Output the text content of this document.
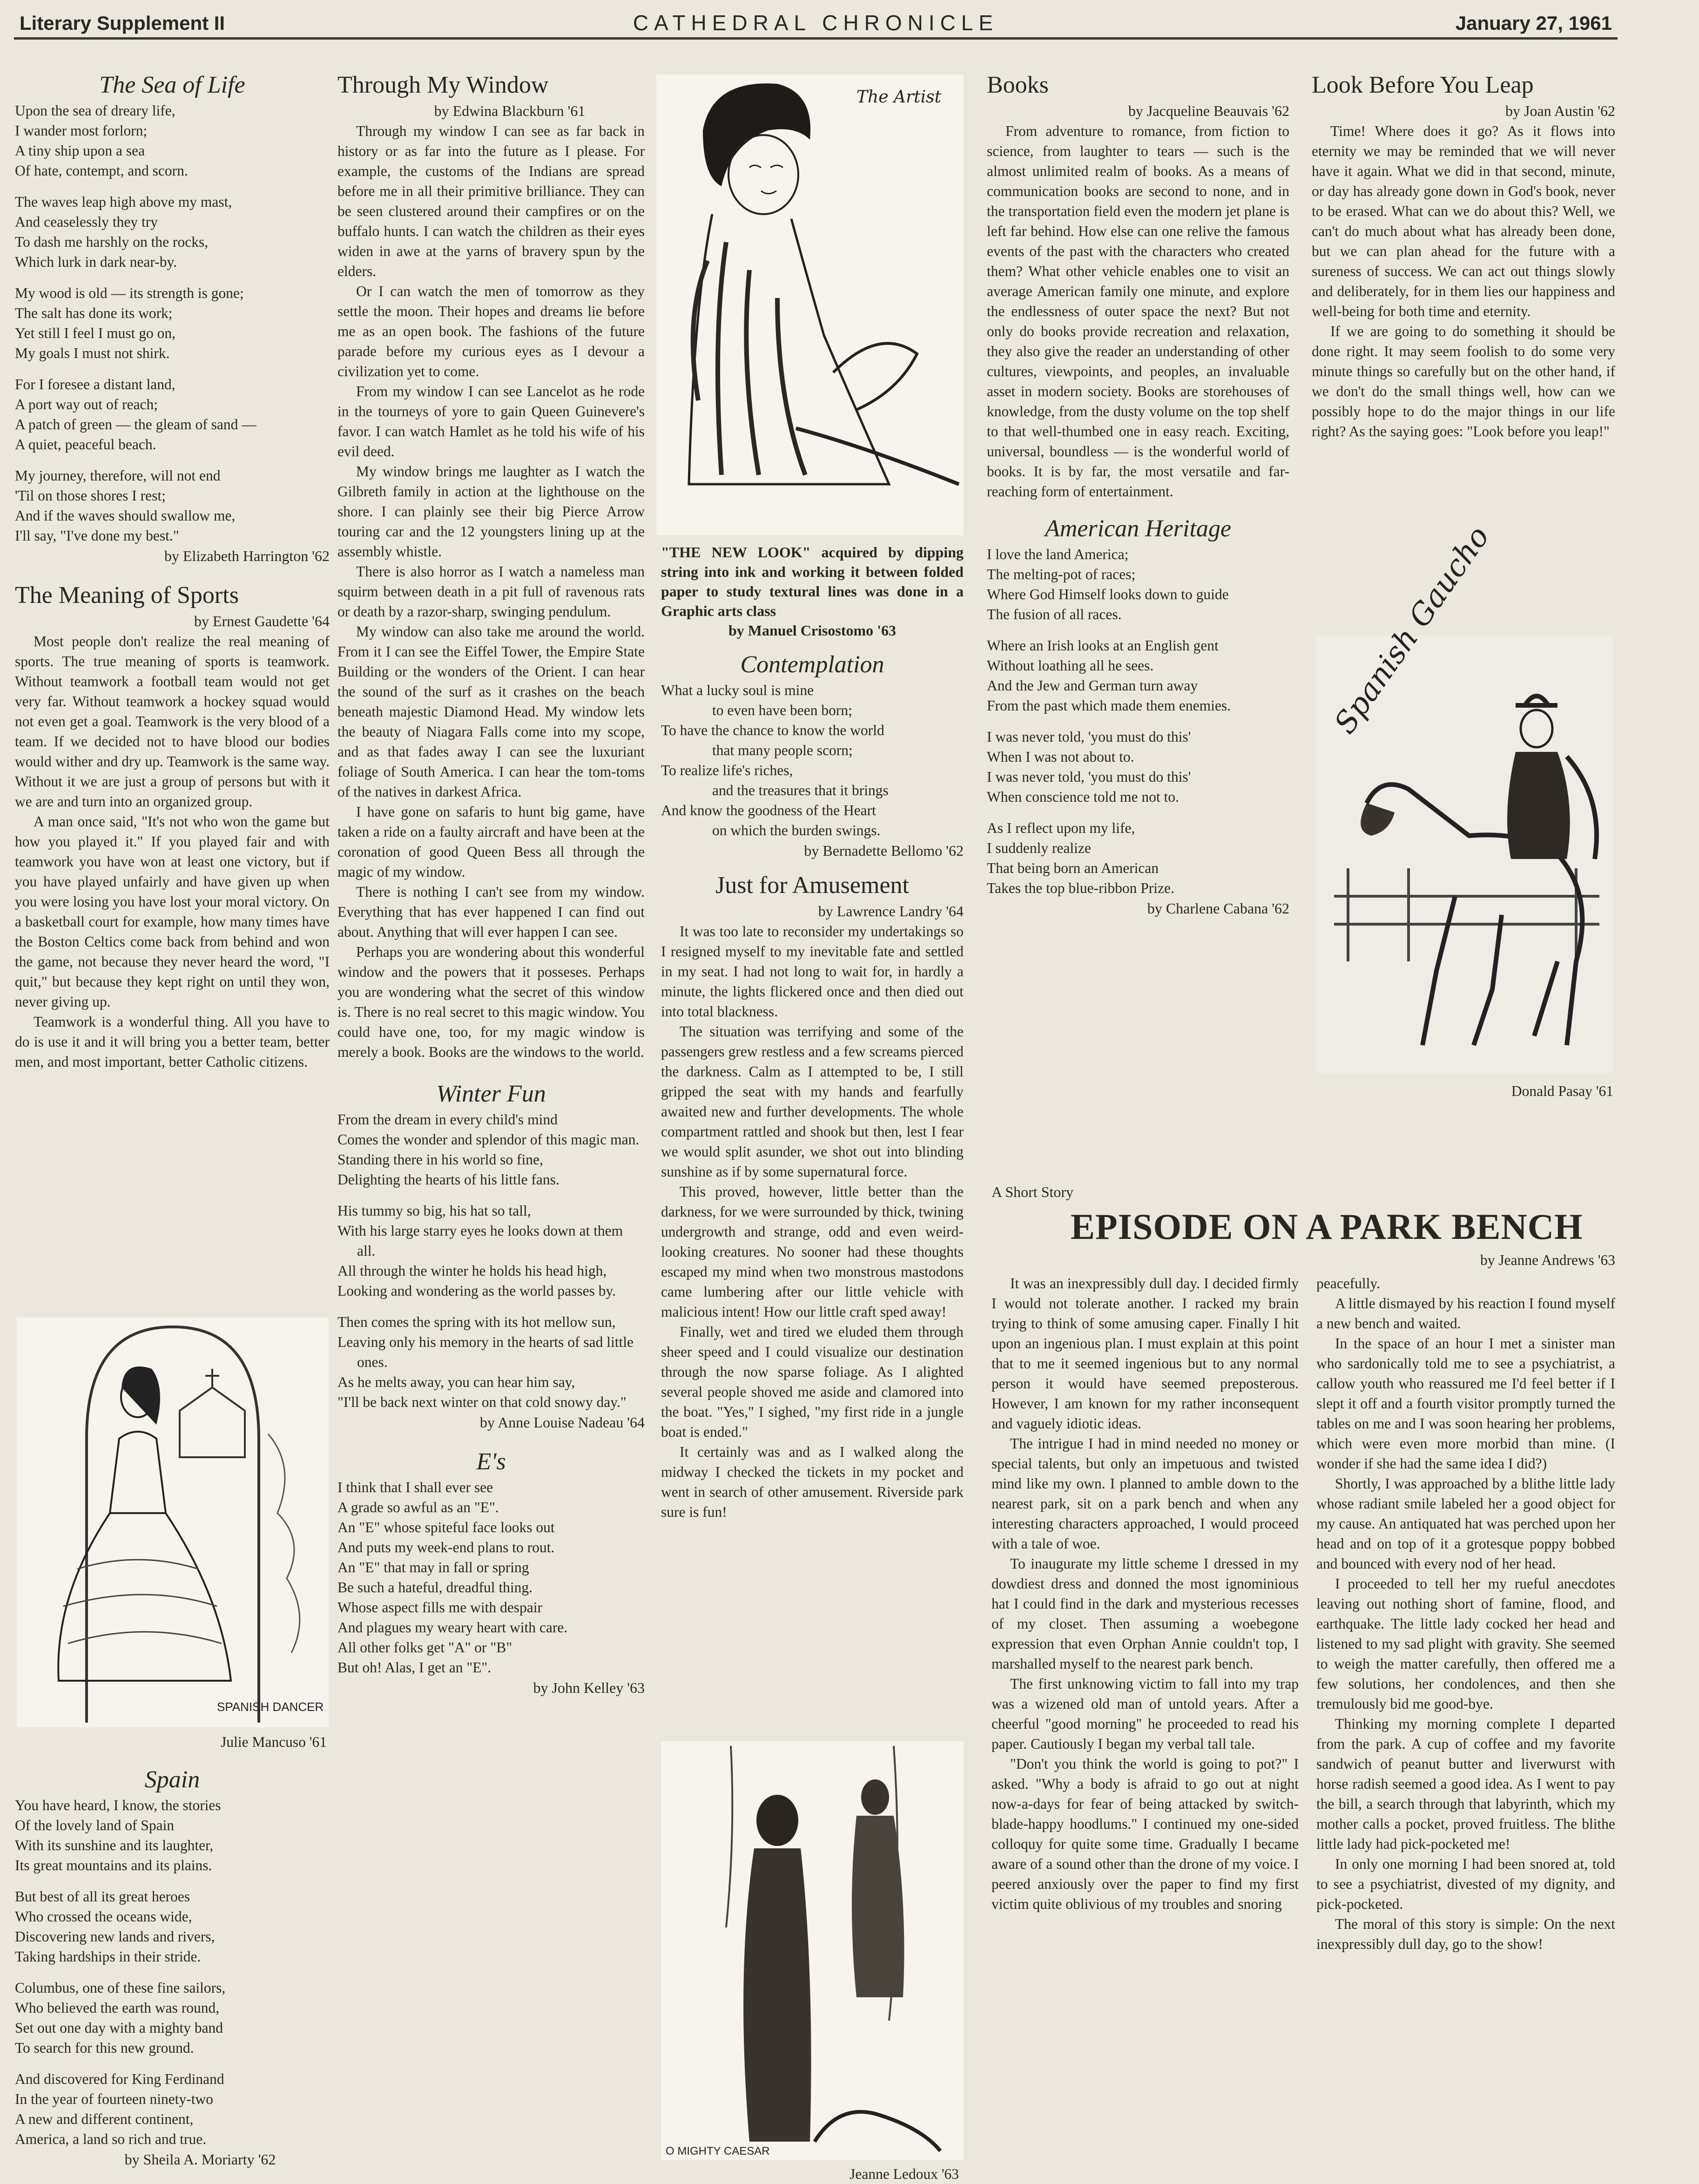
Literary Supplement II	CATHEDRAL CHRONICLE	January 27, 1961
The Sea of Life
Upon the sea of dreary life,
I wander most forlorn;
A tiny ship upon a sea
Of hate, contempt, and scorn.
The waves leap high above my mast,
And ceaselessly they try
To dash me harshly on the rocks,
Which lurk in dark near-by.
My wood is old — its strength is gone;
The salt has done its work;
Yet still I feel I must go on,
My goals I must not shirk.
For I foresee a distant land,
A port way out of reach;
A patch of green — the gleam of sand —
A quiet, peaceful beach.
My journey, therefore, will not end
'Til on those shores I rest;
And if the waves should swallow me,
I'll say, "I've done my best."
by Elizabeth Harrington '62
The Meaning of Sports
by Ernest Gaudette '64

Most people don't realize the real meaning of sports. The true meaning of sports is teamwork. Without teamwork a football team would not get very far. Without teamwork a hockey squad would not even get a goal. Teamwork is the very blood of a team. If we decided not to have blood our bodies would wither and dry up. Teamwork is the same way. Without it we are just a group of persons but with it we are and turn into an organized group.

A man once said, "It's not who won the game but how you played it." If you played fair and with teamwork you have won at least one victory, but if you have played unfairly and have given up when you were losing you have lost your moral victory. On a basketball court for example, how many times have the Boston Celtics come back from behind and won the game, not because they never heard the word, "I quit," but because they kept right on until they won, never giving up.

Teamwork is a wonderful thing. All you have to do is use it and it will bring you a better team, better men, and most important, better Catholic citizens.

SPANISH DANCER
Julie Mancuso '61
Spain
You have heard, I know, the stories
Of the lovely land of Spain
With its sunshine and its laughter,
Its great mountains and its plains.
But best of all its great heroes
Who crossed the oceans wide,
Discovering new lands and rivers,
Taking hardships in their stride.
Columbus, one of these fine sailors,
Who believed the earth was round,
Set out one day with a mighty band
To search for this new ground.
And discovered for King Ferdinand
In the year of fourteen ninety-two
A new and different continent,
America, a land so rich and true.
by Sheila A. Moriarty '62
Through My Window
by Edwina Blackburn '61

Through my window I can see as far back in history or as far into the future as I please. For example, the customs of the Indians are spread before me in all their primitive brilliance. They can be seen clustered around their campfires or on the buffalo hunts. I can watch the children as their eyes widen in awe at the yarns of bravery spun by the elders.

Or I can watch the men of tomorrow as they settle the moon. Their hopes and dreams lie before me as an open book. The fashions of the future parade before my curious eyes as I devour a civilization yet to come.

From my window I can see Lancelot as he rode in the tourneys of yore to gain Queen Guinevere's favor. I can watch Hamlet as he told his wife of his evil deed.

My window brings me laughter as I watch the Gilbreth family in action at the lighthouse on the shore. I can plainly see their big Pierce Arrow touring car and the 12 youngsters lining up at the assembly whistle.

There is also horror as I watch a nameless man squirm between death in a pit full of ravenous rats or death by a razor-sharp, swinging pendulum.

My window can also take me around the world. From it I can see the Eiffel Tower, the Empire State Building or the wonders of the Orient. I can hear the sound of the surf as it crashes on the beach beneath majestic Diamond Head. My window lets the beauty of Niagara Falls come into my scope, and as that fades away I can see the luxuriant foliage of South America. I can hear the tom-toms of the natives in darkest Africa.

I have gone on safaris to hunt big game, have taken a ride on a faulty aircraft and have been at the coronation of good Queen Bess all through the magic of my window.

There is nothing I can't see from my window. Everything that has ever happened I can find out about. Anything that will ever happen I can see.

Perhaps you are wondering about this wonderful window and the powers that it posseses. Perhaps you are wondering what the secret of this window is. There is no real secret to this magic window. You could have one, too, for my magic window is merely a book. Books are the windows to the world.

Winter Fun
From the dream in every child's mind
Comes the wonder and splendor of this magic man.
Standing there in his world so fine,
Delighting the hearts of his little fans.
His tummy so big, his hat so tall,
With his large starry eyes he looks down at them all.
All through the winter he holds his head high,
Looking and wondering as the world passes by.
Then comes the spring with its hot mellow sun,
Leaving only his memory in the hearts of sad little ones.
As he melts away, you can hear him say,
"I'll be back next winter on that cold snowy day."
by Anne Louise Nadeau '64
E's
I think that I shall ever see
A grade so awful as an "E".
An "E" whose spiteful face looks out
And puts my week-end plans to rout.
An "E" that may in fall or spring
Be such a hateful, dreadful thing.
Whose aspect fills me with despair
And plagues my weary heart with care.
All other folks get "A" or "B"
But oh! Alas, I get an "E".
by John Kelley '63
The Artist
"THE NEW LOOK" acquired by dipping string into ink and working it between folded paper to study textural lines was done in a Graphic arts class
by Manuel Crisostomo '63
Contemplation
What a lucky soul is mine
to even have been born;
To have the chance to know the world
that many people scorn;
To realize life's riches,
and the treasures that it brings
And know the goodness of the Heart
on which the burden swings.
by Bernadette Bellomo '62
Just for Amusement
by Lawrence Landry '64

It was too late to reconsider my undertakings so I resigned myself to my inevitable fate and settled in my seat. I had not long to wait for, in hardly a minute, the lights flickered once and then died out into total blackness.

The situation was terrifying and some of the passengers grew restless and a few screams pierced the darkness. Calm as I attempted to be, I still gripped the seat with my hands and fearfully awaited new and further developments. The whole compartment rattled and shook but then, lest I fear we would split asunder, we shot out into blinding sunshine as if by some supernatural force.

This proved, however, little better than the darkness, for we were surrounded by thick, twining undergrowth and strange, odd and even weird-looking creatures. No sooner had these thoughts escaped my mind when two monstrous mastodons came lumbering after our little vehicle with malicious intent! How our little craft sped away!

Finally, wet and tired we eluded them through sheer speed and I could visualize our destination through the now sparse foliage. As I alighted several people shoved me aside and clamored into the boat. "Yes," I sighed, "my first ride in a jungle boat is ended."

It certainly was and as I walked along the midway I checked the tickets in my pocket and went in search of other amusement. Riverside park sure is fun!

O MIGHTY CAESAR
Jeanne Ledoux '63
Books
by Jacqueline Beauvais '62

From adventure to romance, from fiction to science, from laughter to tears — such is the almost unlimited realm of books. As a means of communication books are second to none, and in the transportation field even the modern jet plane is left far behind. How else can one relive the famous events of the past with the characters who created them? What other vehicle enables one to visit an average American family one minute, and explore the endlessness of outer space the next? But not only do books provide recreation and relaxation, they also give the reader an understanding of other cultures, viewpoints, and peoples, an invaluable asset in modern society. Books are storehouses of knowledge, from the dusty volume on the top shelf to that well-thumbed one in easy reach. Exciting, universal, boundless — is the wonderful world of books. It is by far, the most versatile and far-reaching form of entertainment.

American Heritage
I love the land America;
The melting-pot of races;
Where God Himself looks down to guide
The fusion of all races.
Where an Irish looks at an English gent
Without loathing all he sees.
And the Jew and German turn away
From the past which made them enemies.
I was never told, 'you must do this'
When I was not about to.
I was never told, 'you must do this'
When conscience told me not to.
As I reflect upon my life,
I suddenly realize
That being born an American
Takes the top blue-ribbon Prize.
by Charlene Cabana '62
Look Before You Leap
by Joan Austin '62

Time! Where does it go? As it flows into eternity we may be reminded that we will never have it again. What we did in that second, minute, or day has already gone down in God's book, never to be erased. What can we do about this? Well, we can't do much about what has already been done, but we can plan ahead for the future with a sureness of success. We can act out things slowly and deliberately, for in them lies our happiness and well-being for both time and eternity.

If we are going to do something it should be done right. It may seem foolish to do some very minute things so carefully but on the other hand, if we don't do the small things well, how can we possibly hope to do the major things in our life right? As the saying goes: "Look before you leap!"

Spanish Gaucho
Donald Pasay '61
A Short Story
EPISODE ON A PARK BENCH
by Jeanne Andrews '63

It was an inexpressibly dull day. I decided firmly I would not tolerate another. I racked my brain trying to think of some amusing caper. Finally I hit upon an ingenious plan. I must explain at this point that to me it seemed ingenious but to any normal person it would have seemed preposterous. However, I am known for my rather inconsequent and vaguely idiotic ideas.

The intrigue I had in mind needed no money or special talents, but only an impetuous and twisted mind like my own. I planned to amble down to the nearest park, sit on a park bench and when any interesting characters approached, I would proceed with a tale of woe.

To inaugurate my little scheme I dressed in my dowdiest dress and donned the most ignominious hat I could find in the dark and mysterious recesses of my closet. Then assuming a woebegone expression that even Orphan Annie couldn't top, I marshalled myself to the nearest park bench.

The first unknowing victim to fall into my trap was a wizened old man of untold years. After a cheerful "good morning" he proceeded to read his paper. Cautiously I began my verbal tall tale.

"Don't you think the world is going to pot?" I asked. "Why a body is afraid to go out at night now-a-days for fear of being attacked by switch-blade-happy hoodlums." I continued my one-sided colloquy for quite some time. Gradually I became aware of a sound other than the drone of my voice. I peered anxiously over the paper to find my first victim quite oblivious of my troubles and snoring

peacefully.

A little dismayed by his reaction I found myself a new bench and waited.

In the space of an hour I met a sinister man who sardonically told me to see a psychiatrist, a callow youth who reassured me I'd feel better if I slept it off and a fourth visitor promptly turned the tables on me and I was soon hearing her problems, which were even more morbid than mine. (I wonder if she had the same idea I did?)

Shortly, I was approached by a blithe little lady whose radiant smile labeled her a good object for my cause. An antiquated hat was perched upon her head and on top of it a grotesque poppy bobbed and bounced with every nod of her head.

I proceeded to tell her my rueful anecdotes leaving out nothing short of famine, flood, and earthquake. The little lady cocked her head and listened to my sad plight with gravity. She seemed to weigh the matter carefully, then offered me a few solutions, her condolences, and then she tremulously bid me good-bye.

Thinking my morning complete I departed from the park. A cup of coffee and my favorite sandwich of peanut butter and liverwurst with horse radish seemed a good idea. As I went to pay the bill, a search through that labyrinth, which my mother calls a pocket, proved fruitless. The blithe little lady had pick-pocketed me!

In only one morning I had been snored at, told to see a psychiatrist, divested of my dignity, and pick-pocketed.

The moral of this story is simple: On the next inexpressibly dull day, go to the show!
